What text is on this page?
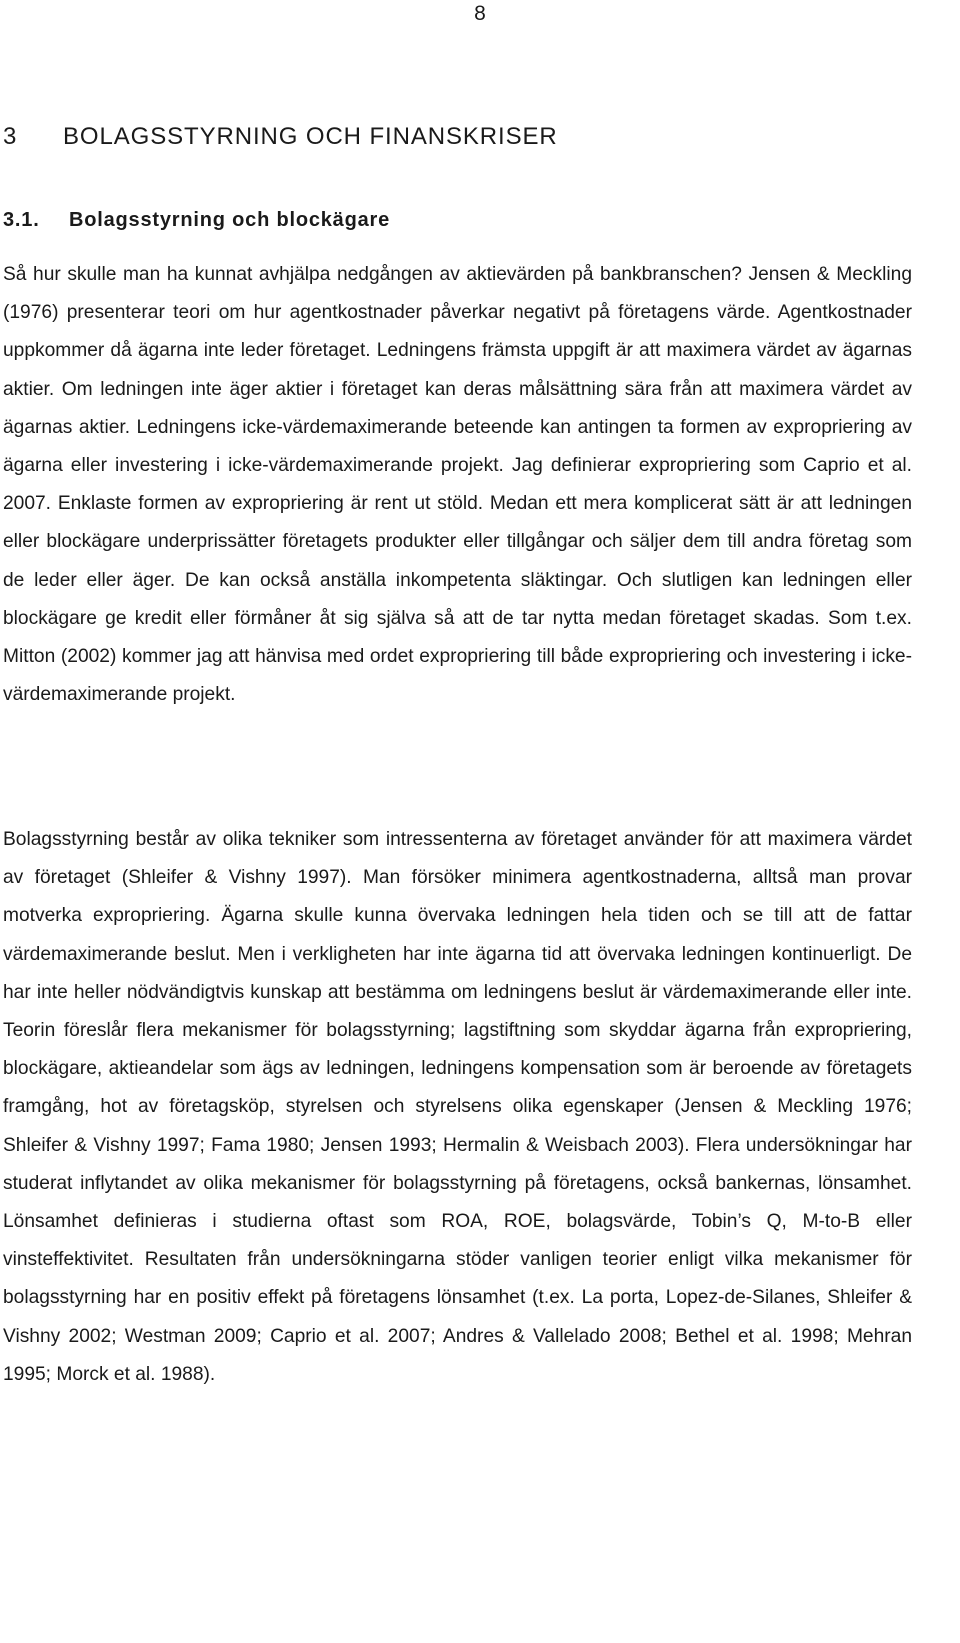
8
3 BOLAGSSTYRNING OCH FINANSKRISER
3.1. Bolagsstyrning och blockägare

Så hur skulle man ha kunnat avhjälpa nedgången av aktievärden på bankbranschen? Jensen & Meckling (1976) presenterar teori om hur agentkostnader påverkar negativt på företagens värde. Agentkostnader uppkommer då ägarna inte leder företaget. Ledningens främsta uppgift är att maximera värdet av ägarnas aktier. Om ledningen inte äger aktier i företaget kan deras målsättning sära från att maximera värdet av ägarnas aktier. Ledningens icke-värdemaximerande beteende kan antingen ta formen av expropriering av ägarna eller investering i icke-värdemaximerande projekt. Jag definierar expropriering som Caprio et al. 2007. Enklaste formen av expropriering är rent ut stöld. Medan ett mera komplicerat sätt är att ledningen eller blockägare underprissätter företagets produkter eller tillgångar och säljer dem till andra företag som de leder eller äger. De kan också anställa inkompetenta släktingar. Och slutligen kan ledningen eller blockägare ge kredit eller förmåner åt sig själva så att de tar nytta medan företaget skadas. Som t.ex. Mitton (2002) kommer jag att hänvisa med ordet expropriering till både expropriering och investering i icke-värdemaximerande projekt.

Bolagsstyrning består av olika tekniker som intressenterna av företaget använder för att maximera värdet av företaget (Shleifer & Vishny 1997). Man försöker minimera agentkostnaderna, alltså man provar motverka expropriering. Ägarna skulle kunna övervaka ledningen hela tiden och se till att de fattar värdemaximerande beslut. Men i verkligheten har inte ägarna tid att övervaka ledningen kontinuerligt. De har inte heller nödvändigtvis kunskap att bestämma om ledningens beslut är värdemaximerande eller inte. Teorin föreslår flera mekanismer för bolagsstyrning; lagstiftning som skyddar ägarna från expropriering, blockägare, aktieandelar som ägs av ledningen, ledningens kompensation som är beroende av företagets framgång, hot av företagsköp, styrelsen och styrelsens olika egenskaper (Jensen & Meckling 1976; Shleifer & Vishny 1997; Fama 1980; Jensen 1993; Hermalin & Weisbach 2003). Flera undersökningar har studerat inflytandet av olika mekanismer för bolagsstyrning på företagens, också bankernas, lönsamhet. Lönsamhet definieras i studierna oftast som ROA, ROE, bolagsvärde, Tobin’s Q, M-to-B eller vinsteffektivitet. Resultaten från undersökningarna stöder vanligen teorier enligt vilka mekanismer för bolagsstyrning har en positiv effekt på företagens lönsamhet (t.ex. La porta, Lopez-de-Silanes, Shleifer & Vishny 2002; Westman 2009; Caprio et al. 2007; Andres & Vallelado 2008; Bethel et al. 1998; Mehran 1995; Morck et al. 1988).
